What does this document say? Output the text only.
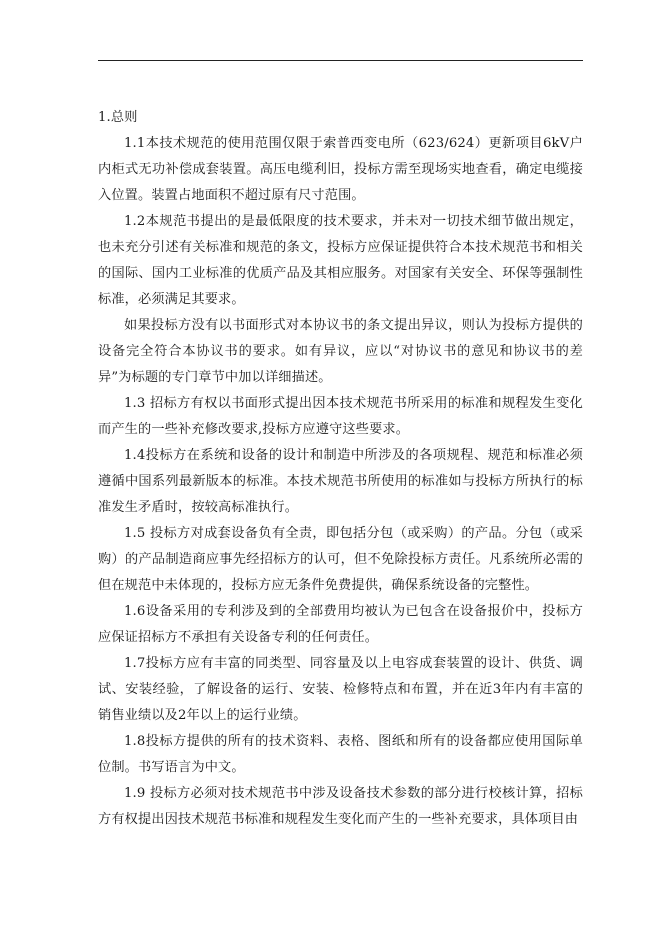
1.总则

1.1本技术规范的使用范围仅限于索普西变电所（623/624）更新项目6kV户内柜式无功补偿成套装置。高压电缆利旧，投标方需至现场实地查看，确定电缆接入位置。装置占地面积不超过原有尺寸范围。

1.2本规范书提出的是最低限度的技术要求，并未对一切技术细节做出规定，也未充分引述有关标准和规范的条文，投标方应保证提供符合本技术规范书和相关的国际、国内工业标准的优质产品及其相应服务。对国家有关安全、环保等强制性标准，必须满足其要求。

如果投标方没有以书面形式对本协议书的条文提出异议，则认为投标方提供的设备完全符合本协议书的要求。如有异议，应以“对协议书的意见和协议书的差异”为标题的专门章节中加以详细描述。

1.3 招标方有权以书面形式提出因本技术规范书所采用的标准和规程发生变化而产生的一些补充修改要求,投标方应遵守这些要求。

1.4投标方在系统和设备的设计和制造中所涉及的各项规程、规范和标准必须遵循中国系列最新版本的标准。本技术规范书所使用的标准如与投标方所执行的标准发生矛盾时，按较高标准执行。

1.5 投标方对成套设备负有全责，即包括分包（或采购）的产品。分包（或采购）的产品制造商应事先经招标方的认可，但不免除投标方责任。凡系统所必需的但在规范中未体现的，投标方应无条件免费提供，确保系统设备的完整性。

1.6设备采用的专利涉及到的全部费用均被认为已包含在设备报价中，投标方应保证招标方不承担有关设备专利的任何责任。

1.7投标方应有丰富的同类型、同容量及以上电容成套装置的设计、供货、调试、安装经验，了解设备的运行、安装、检修特点和布置，并在近3年内有丰富的销售业绩以及2年以上的运行业绩。

1.8投标方提供的所有的技术资料、表格、图纸和所有的设备都应使用国际单位制。书写语言为中文。

1.9 投标方必须对技术规范书中涉及设备技术参数的部分进行校核计算，招标方有权提出因技术规范书标准和规程发生变化而产生的一些补充要求，具体项目由
